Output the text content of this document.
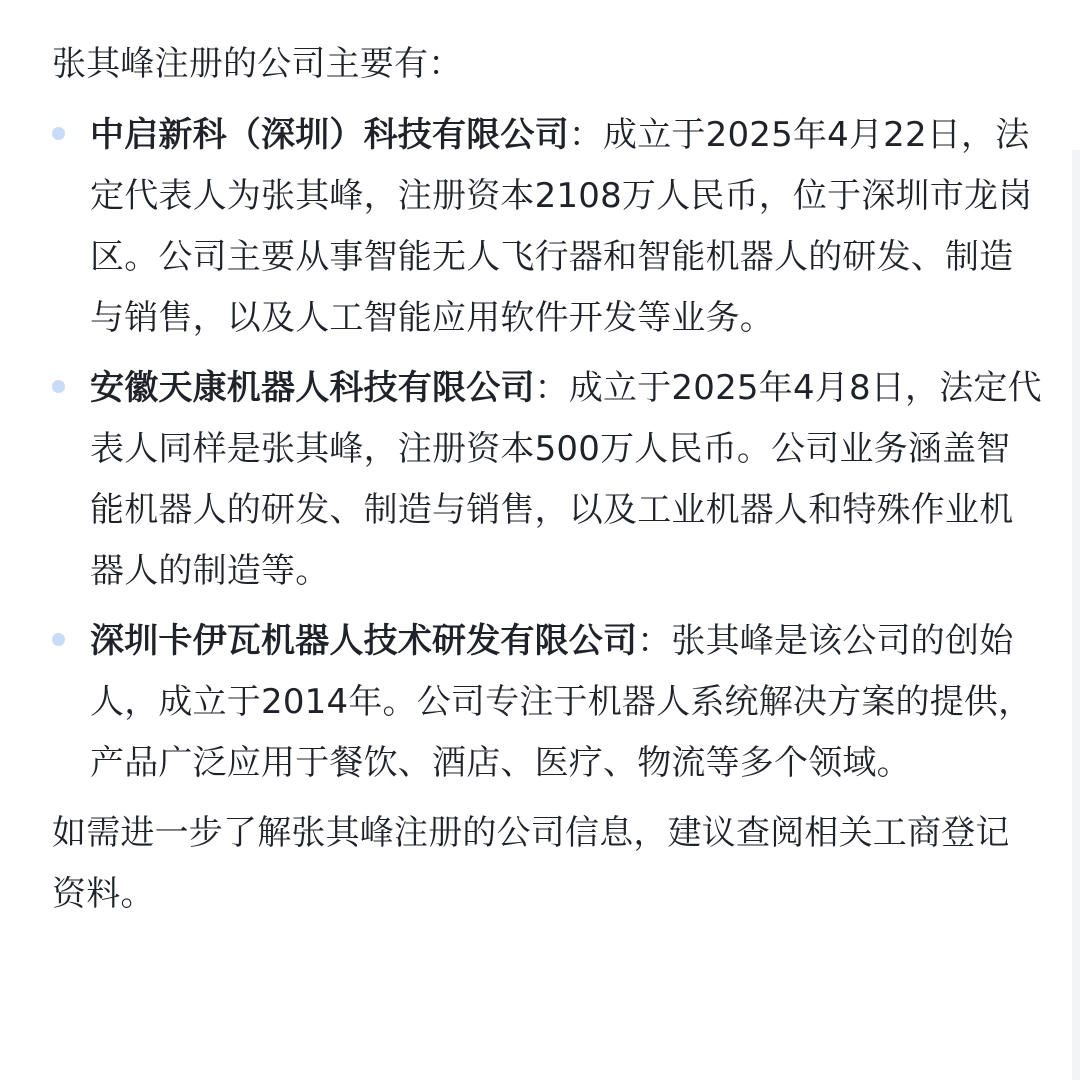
张其峰注册的公司主要有：

中启新科（深圳）科技有限公司：成立于2025年4月22日，法定代表人为张其峰，注册资本2108万人民币，位于深圳市龙岗区。公司主要从事智能无人飞行器和智能机器人的研发、制造与销售，以及人工智能应用软件开发等业务。

安徽天康机器人科技有限公司：成立于2025年4月8日，法定代表人同样是张其峰，注册资本500万人民币。公司业务涵盖智能机器人的研发、制造与销售，以及工业机器人和特殊作业机器人的制造等。

深圳卡伊瓦机器人技术研发有限公司：张其峰是该公司的创始人，成立于2014年。公司专注于机器人系统解决方案的提供，产品广泛应用于餐饮、酒店、医疗、物流等多个领域。

如需进一步了解张其峰注册的公司信息，建议查阅相关工商登记资料。
